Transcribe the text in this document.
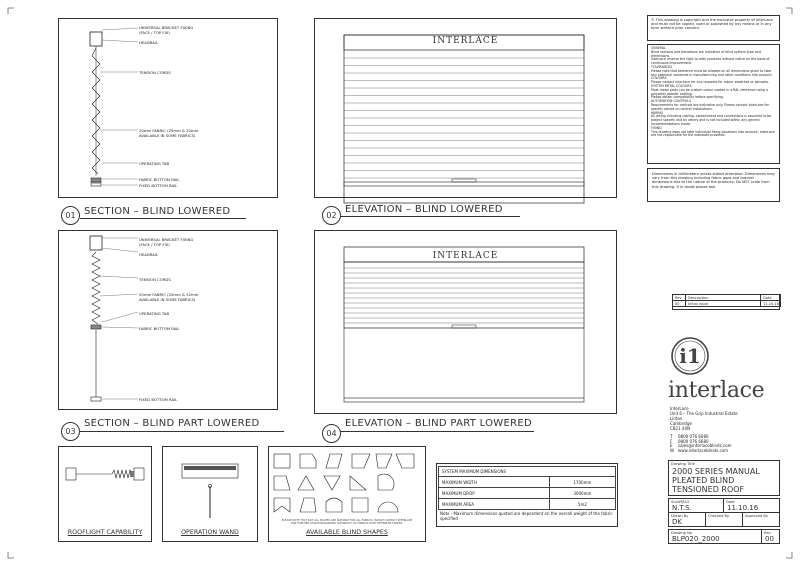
UNIVERSAL BRACKET FIXING (FACE / TOP FIX)
HEADRAIL
TENSION CORDS
20mm FABRIC (25mm & 32mm
AVAILABLE IN SOME FABRICS)
OPERATING TAB
FABRIC BOTTOM RAIL
FIXED BOTTOM RAIL
01 SECTION – BLIND LOWERED
INTERLACE
02
ELEVATION – BLIND LOWERED
UNIVERSAL BRACKET FIXING (FACE / TOP FIX)
HEADRAIL
TENSION CORDS
20mm FABRIC (25mm & 32mm
AVAILABLE IN SOME FABRICS)
OPERATING TAB
FABRIC BOTTOM RAIL
FIXED BOTTOM RAIL
03
SECTION – BLIND PART LOWERED
INTERLACE
04
ELEVATION – BLIND PART LOWERED
ROOFLIGHT CAPABILITY	OPERATION WAND
PLEASE NOTE THAT NOT ALL SHAPES ARE SUITABLE FOR ALL FABRICS. PLEASE CONTACT INTERLACE FOR FURTHER ADVICE REGARDING SUITABILITY OF FABRICS WITH DIFFERENT SHAPES.
AVAILABLE BLIND SHAPES
SYSTEM MAXIMUM DIMENSIONS	
MAXIMUM WIDTH	1700mm
MAXIMUM DROP	3000mm
MAXIMUM AREA	5m2
Note - Maximum dimensions quoted are dependent on the overall weight of the fabric specified
© This drawing is copyright and the exclusive property of InterLace and must not be copied, used or published by any means or in any form without prior consent.
GENERAL
Blind sections and elevations are indicative of blind system type and dimensions.
InterLace reserve the right to alter products without notice on the basis of continuous improvement.
TOLERANCES
Please note that tolerance must be allowed on all dimensions given to take any potential variances in manufacturing and other conditions into account.
COLOURS
Please contact InterLace for any requests for colour swatches or samples.
SYSTEM METAL COLOURS
Most metal parts can be custom colour coated in a RAL reference using a polyester powder coating.
Please obtain compatibility before specifying.
AUTOMATION CONTROLS
Requirements for controls are indicative only. Please contact InterLace for specific advice on control installations.
WIRING
All wiring including cabling, containment and connections is assumed to be project specific and by others and is not included within any generic recommendations made.
FIXING
This drawing does not take individual fixing situations into account, InterLace are not responsible for the substrate provided.
Dimensions in millimeters unless stated otherwise. Dimensions may vary from this drawing including fabric gaps and bracket dimensions due to the nature of the products. Do NOT scale from this drawing. If in doubt please ask.
Rev Description	Date
00 Initial Issue	11.10.16
i1
interlace
InterLace
Unit 6 – The Grip Industrial Estate
Linton
Cambridge
CB21 4XN
T 0800 076 6080
F 0800 076 6680
E sales@interlaceblinds.com
W www.interlaceblinds.com
Drawing Title
2000 SERIES MANUAL
PLEATED BLIND
TENSIONED ROOF
Scale@A3
N.T.S.
Date
11.10.16
Drawn By
DK
Checked By	Approved By
Drawing No
BLP020_2000
Rev
00
